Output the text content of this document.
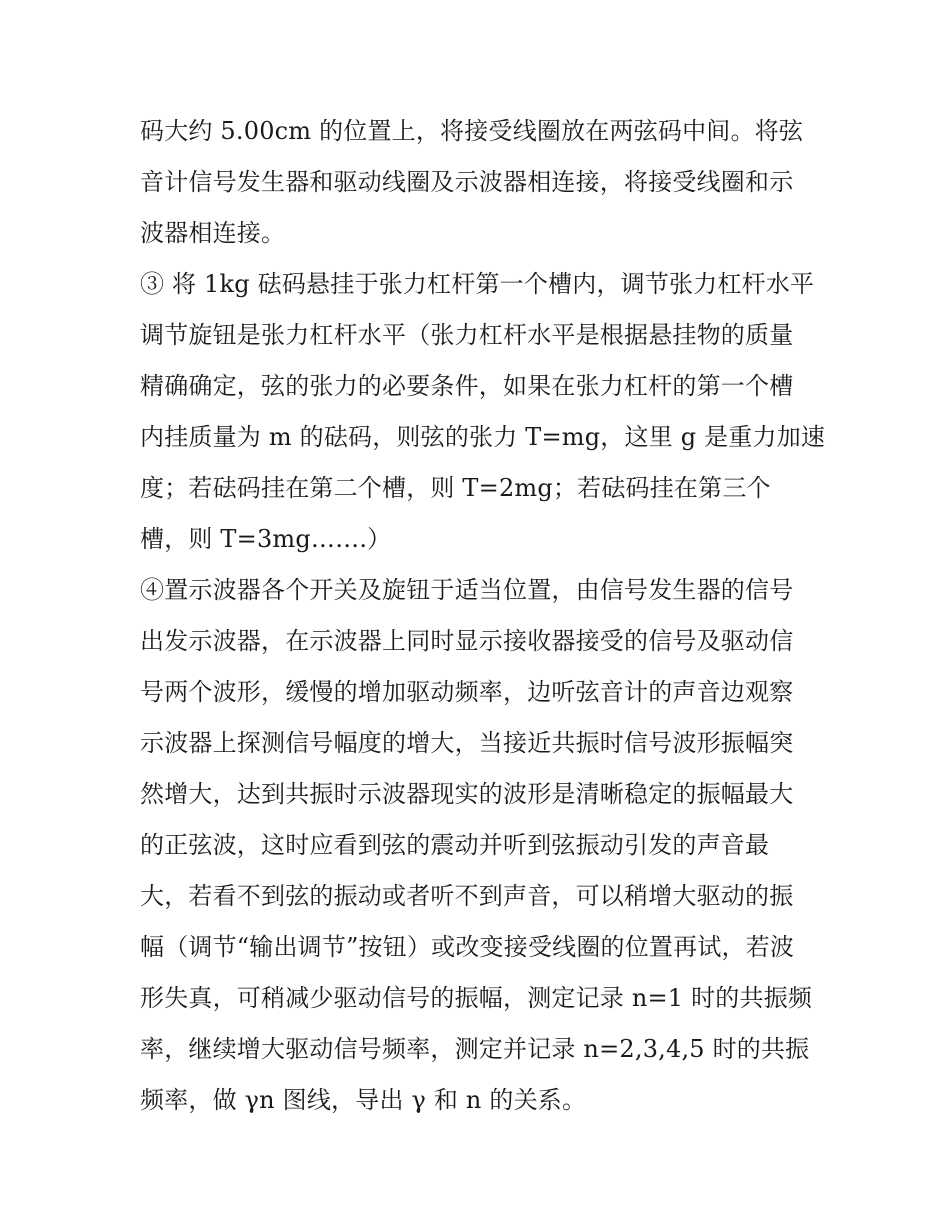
码大约 5.00cm 的位置上，将接受线圈放在两弦码中间。将弦
音计信号发生器和驱动线圈及示波器相连接，将接受线圈和示
波器相连接。
③ 将 1kg 砝码悬挂于张力杠杆第一个槽内，调节张力杠杆水平
调节旋钮是张力杠杆水平（张力杠杆水平是根据悬挂物的质量
精确确定，弦的张力的必要条件，如果在张力杠杆的第一个槽
内挂质量为 m 的砝码，则弦的张力 T=mg，这里 g 是重力加速
度；若砝码挂在第二个槽，则 T=2mg；若砝码挂在第三个
槽，则 T=3mg…….）
④置示波器各个开关及旋钮于适当位置，由信号发生器的信号
出发示波器，在示波器上同时显示接收器接受的信号及驱动信
号两个波形，缓慢的增加驱动频率，边听弦音计的声音边观察
示波器上探测信号幅度的增大，当接近共振时信号波形振幅突
然增大，达到共振时示波器现实的波形是清晰稳定的振幅最大
的正弦波，这时应看到弦的震动并听到弦振动引发的声音最
大，若看不到弦的振动或者听不到声音，可以稍增大驱动的振
幅（调节“输出调节”按钮）或改变接受线圈的位置再试，若波
形失真，可稍减少驱动信号的振幅，测定记录 n=1 时的共振频
率，继续增大驱动信号频率，测定并记录 n=2,3,4,5 时的共振
频率，做 γn 图线，导出 γ 和 n 的关系。
